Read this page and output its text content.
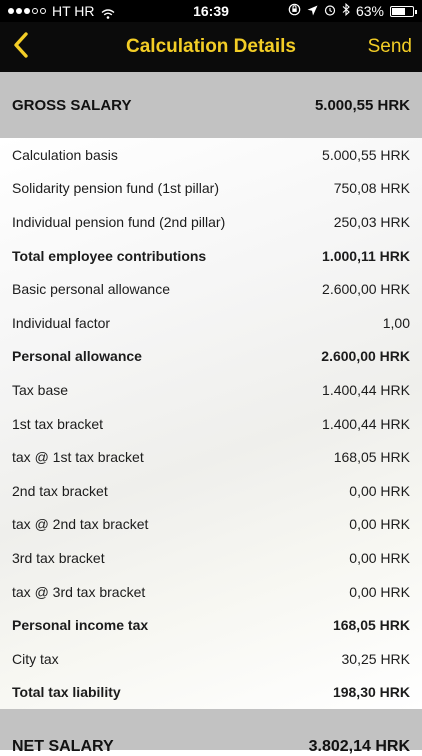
HT HR	16:39	63%
Calculation Details	Send
GROSS SALARY	5.000,55 HRK
Calculation basis	5.000,55 HRK
Solidarity pension fund (1st pillar)	750,08 HRK
Individual pension fund (2nd pillar)	250,03 HRK
Total employee contributions	1.000,11 HRK
Basic personal allowance	2.600,00 HRK
Individual factor	1,00
Personal allowance	2.600,00 HRK
Tax base	1.400,44 HRK
1st tax bracket	1.400,44 HRK
tax @ 1st tax bracket	168,05 HRK
2nd tax bracket	0,00 HRK
tax @ 2nd tax bracket	0,00 HRK
3rd tax bracket	0,00 HRK
tax @ 3rd tax bracket	0,00 HRK
Personal income tax	168,05 HRK
City tax	30,25 HRK
Total tax liability	198,30 HRK
NET SALARY	3.802,14 HRK
